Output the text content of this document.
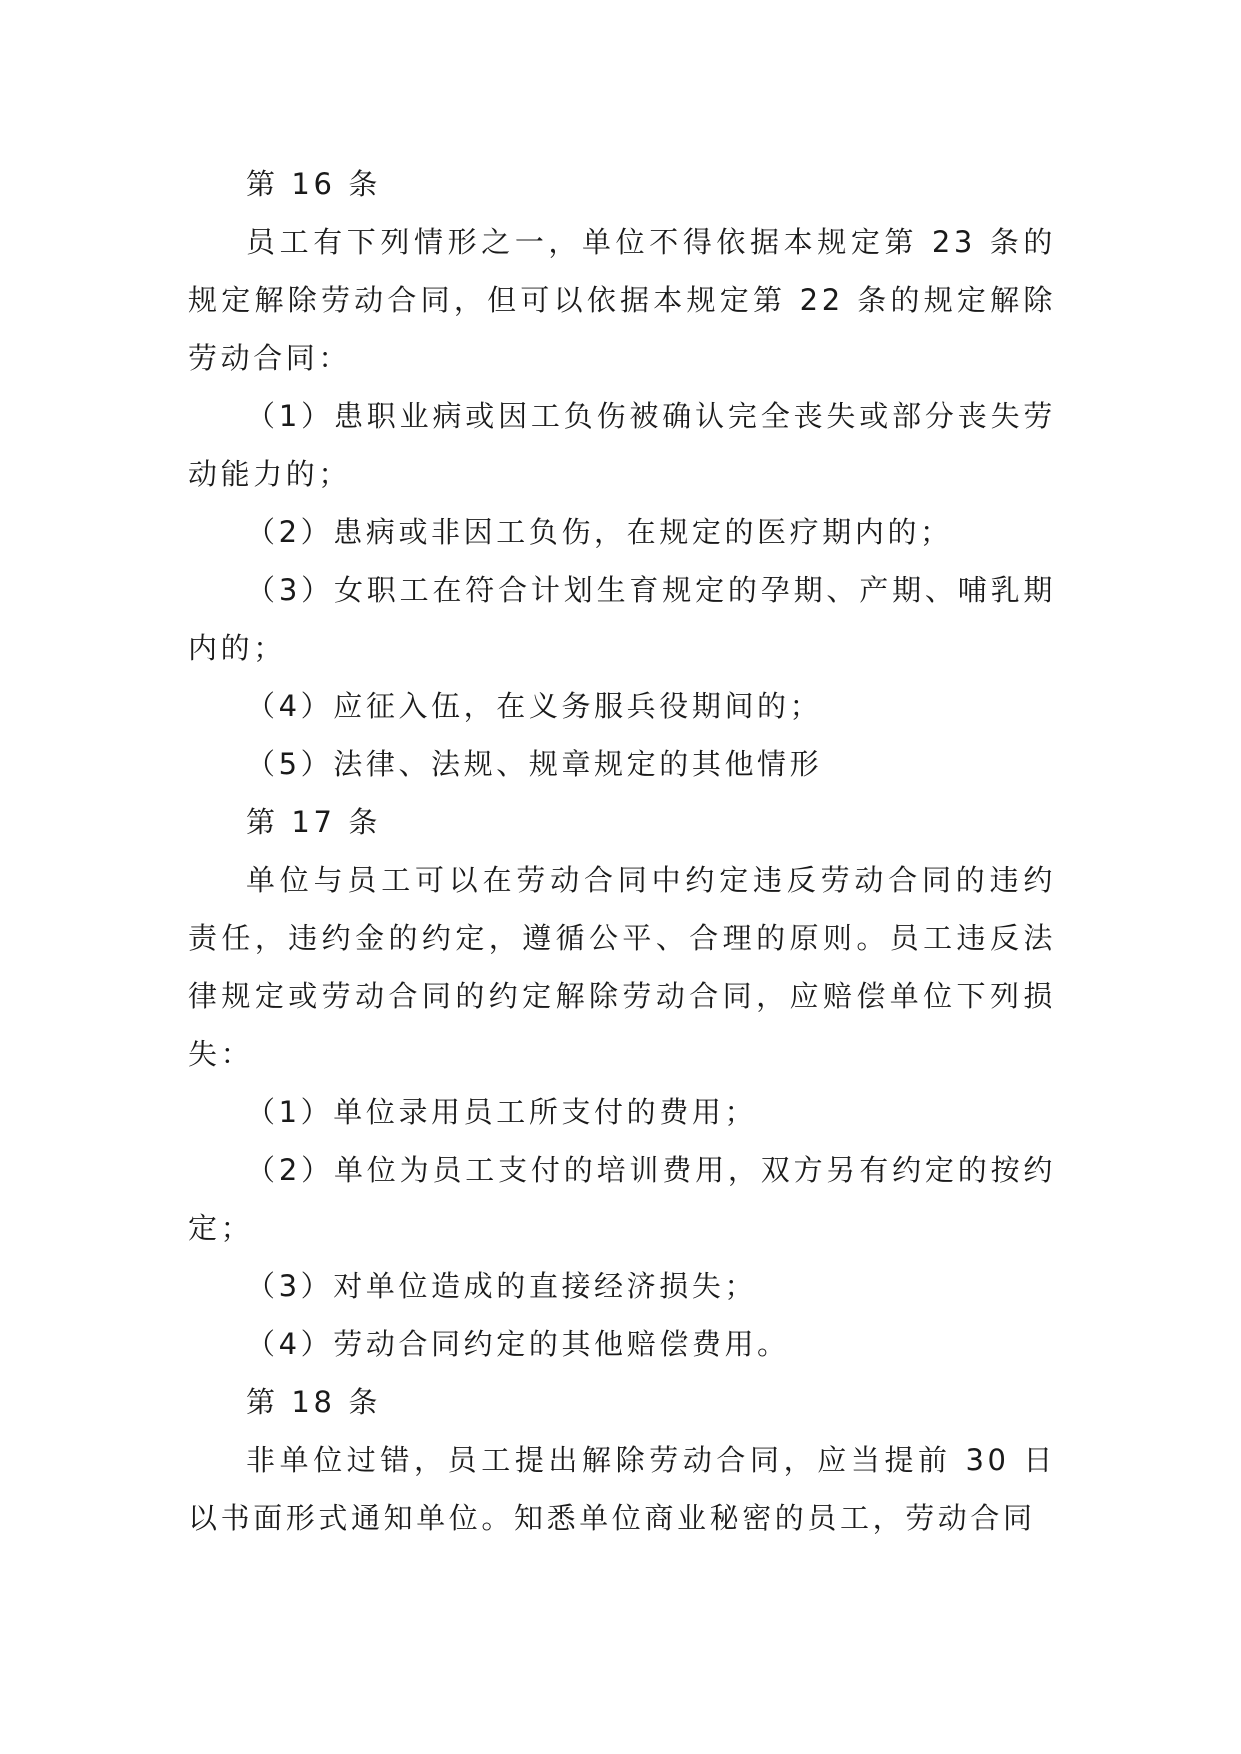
第 16 条

员工有下列情形之一，单位不得依据本规定第 23 条的规定解除劳动合同，但可以依据本规定第 22 条的规定解除劳动合同：

（1）患职业病或因工负伤被确认完全丧失或部分丧失劳动能力的；

（2）患病或非因工负伤，在规定的医疗期内的；

（3）女职工在符合计划生育规定的孕期、产期、哺乳期内的；

（4）应征入伍，在义务服兵役期间的；

（5）法律、法规、规章规定的其他情形

第 17 条

单位与员工可以在劳动合同中约定违反劳动合同的违约责任，违约金的约定，遵循公平、合理的原则。员工违反法律规定或劳动合同的约定解除劳动合同，应赔偿单位下列损失：

（1）单位录用员工所支付的费用；

（2）单位为员工支付的培训费用，双方另有约定的按约定；

（3）对单位造成的直接经济损失；

（4）劳动合同约定的其他赔偿费用。

第 18 条

非单位过错，员工提出解除劳动合同，应当提前 30 日以书面形式通知单位。知悉单位商业秘密的员工，劳动合同
